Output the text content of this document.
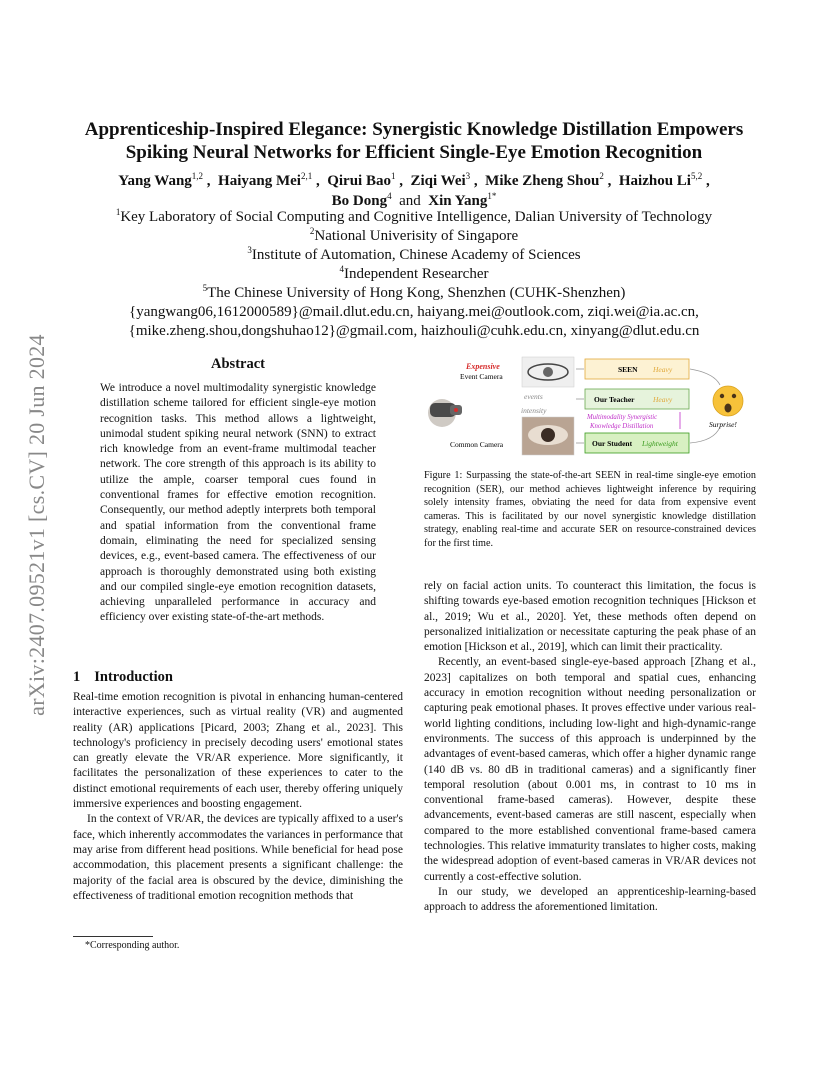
arXiv:2407.09521v1 [cs.CV] 20 Jun 2024
Apprenticeship-Inspired Elegance: Synergistic Knowledge Distillation Empowers Spiking Neural Networks for Efficient Single-Eye Emotion Recognition
Yang Wang$^{1,2}$ ,  Haiyang Mei$^{2,1}$ ,  Qirui Bao$^1$ ,  Ziqi Wei$^3$ ,  Mike Zheng Shou$^2$ ,  Haizhou Li$^{5,2}$ ,
Bo Dong$^4$ and Xin Yang$^{1*}$
$^1$Key Laboratory of Social Computing and Cognitive Intelligence, Dalian University of Technology
$^2$National Univerisity of Singapore
$^3$Institute of Automation, Chinese Academy of Sciences
$^4$Independent Researcher
$^5$The Chinese University of Hong Kong, Shenzhen (CUHK-Shenzhen)
{yangwang06,1612000589}@mail.dlut.edu.cn, haiyang.mei@outlook.com, ziqi.wei@ia.ac.cn,
{mike.zheng.shou,dongshuhao12}@gmail.com, haizhouli@cuhk.edu.cn, xinyang@dlut.edu.cn
Abstract
We introduce a novel multimodality synergistic knowledge distillation scheme tailored for efficient single-eye motion recognition tasks. This method allows a lightweight, unimodal student spiking neural network (SNN) to extract rich knowledge from an event-frame multimodal teacher network. The core strength of this approach is its ability to utilize the ample, coarser temporal cues found in conventional frames for effective emotion recognition. Consequently, our method adeptly interprets both temporal and spatial information from the conventional frame domain, eliminating the need for specialized sensing devices, e.g., event-based camera. The effectiveness of our approach is thoroughly demonstrated using both existing and our compiled single-eye emotion recognition datasets, achieving unparalleled performance in accuracy and efficiency over existing state-of-the-art methods.
1 Introduction

Real-time emotion recognition is pivotal in enhancing human-centered interactive experiences, such as virtual reality (VR) and augmented reality (AR) applications [Picard, 2003; Zhang et al., 2023]. This technology's proficiency in precisely decoding users' emotional states can greatly elevate the VR/AR experience. More significantly, it facilitates the personalization of these experiences to cater to the distinct emotional requirements of each user, thereby offering uniquely immersive experiences and boosting engagement.

In the context of VR/AR, the devices are typically affixed to a user's face, which inherently accommodates the variances in performance that may arise from different head positions. While beneficial for head pose accommodation, this placement presents a significant challenge: the majority of the facial area is obscured by the device, diminishing the effectiveness of traditional emotion recognition methods that

*Corresponding author.
Expensive
Event Camera
events
intensity
Common Camera
SEEN Heavy
Our Teacher Heavy
Multimodality Synergistic
Knowledge Distillation
Our Student Lightweight
Surprise!
Figure 1: Surpassing the state-of-the-art SEEN in real-time single-eye emotion recognition (SER), our method achieves lightweight inference by requiring solely intensity frames, obviating the need for data from expensive event cameras. This is facilitated by our novel synergistic knowledge distillation strategy, enabling real-time and accurate SER on resource-constrained devices for the first time.

rely on facial action units. To counteract this limitation, the focus is shifting towards eye-based emotion recognition techniques [Hickson et al., 2019; Wu et al., 2020]. Yet, these methods often depend on personalized initialization or necessitate capturing the peak phase of an emotion [Hickson et al., 2019], which can limit their practicality.

Recently, an event-based single-eye-based approach [Zhang et al., 2023] capitalizes on both temporal and spatial cues, enhancing accuracy in emotion recognition without needing personalization or capturing peak emotional phases. It proves effective under various real-world lighting conditions, including low-light and high-dynamic-range environments. The success of this approach is underpinned by the advantages of event-based cameras, which offer a higher dynamic range (140 dB vs. 80 dB in traditional cameras) and a significantly finer temporal resolution (about 0.001 ms, in contrast to 10 ms in conventional frame-based cameras). However, despite these advancements, event-based cameras are still nascent, especially when compared to the more established conventional frame-based camera technologies. This relative immaturity translates to higher costs, making the widespread adoption of event-based cameras in VR/AR devices not currently a cost-effective solution.

In our study, we developed an apprenticeship-learning-based approach to address the aforementioned limitation.
